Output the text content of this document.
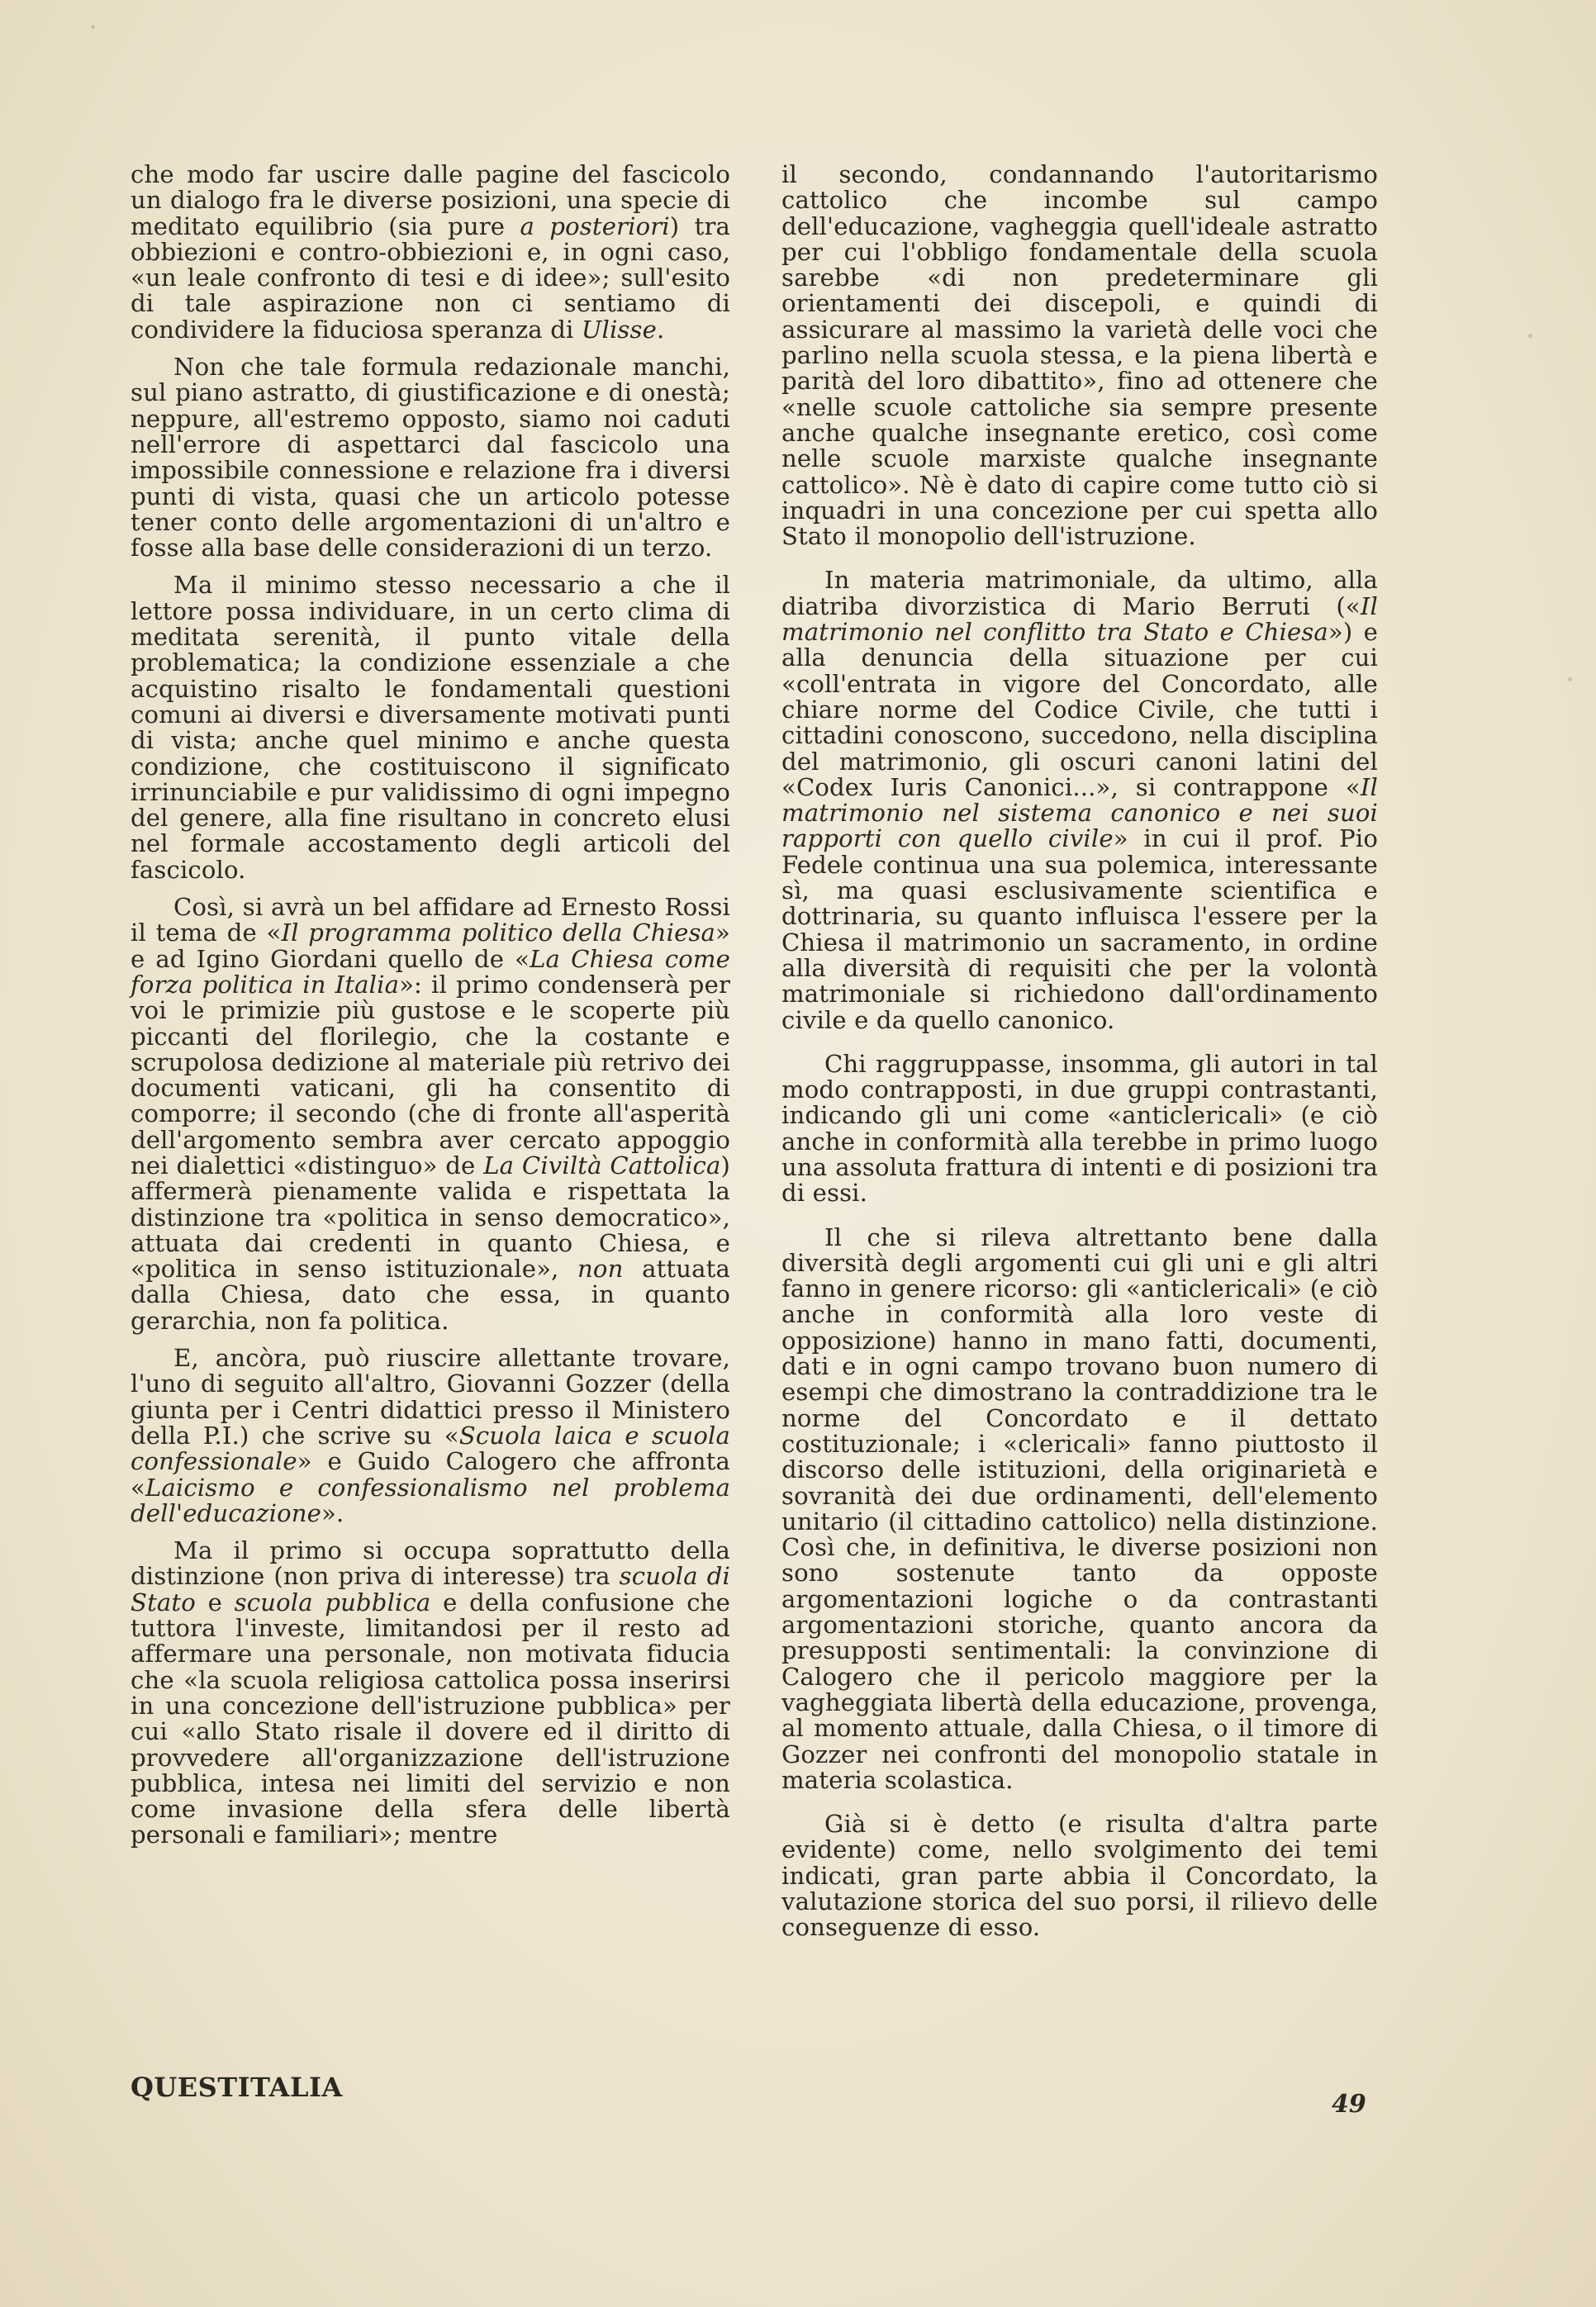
che modo far uscire dalle pagine del fascicolo un dialogo fra le diverse posizioni, una specie di meditato equilibrio (sia pure a posteriori) tra obbiezioni e contro-obbiezioni e, in ogni caso, «un leale confronto di tesi e di idee»; sull'esito di tale aspirazione non ci sentiamo di condividere la fiduciosa speranza di Ulisse.

Non che tale formula redazionale manchi, sul piano astratto, di giustificazione e di onestà; neppure, all'estremo opposto, siamo noi caduti nell'errore di aspettarci dal fascicolo una impossibile connessione e relazione fra i diversi punti di vista, quasi che un articolo potesse tener conto delle argomentazioni di un'altro e fosse alla base delle considerazioni di un terzo.

Ma il minimo stesso necessario a che il lettore possa individuare, in un certo clima di meditata serenità, il punto vitale della problematica; la condizione essenziale a che acquistino risalto le fondamentali questioni comuni ai diversi e diversamente motivati punti di vista; anche quel minimo e anche questa condizione, che costituiscono il significato irrinunciabile e pur validissimo di ogni impegno del genere, alla fine risultano in concreto elusi nel formale accostamento degli articoli del fascicolo.

Così, si avrà un bel affidare ad Ernesto Rossi il tema de «Il programma politico della Chiesa» e ad Igino Giordani quello de «La Chiesa come forza politica in Italia»: il primo condenserà per voi le primizie più gustose e le scoperte più piccanti del florilegio, che la costante e scrupolosa dedizione al materiale più retrivo dei documenti vaticani, gli ha consentito di comporre; il secondo (che di fronte all'asperità dell'argomento sembra aver cercato appoggio nei dialettici «distinguo» de La Civiltà Cattolica) affermerà pienamente valida e rispettata la distinzione tra «politica in senso democratico», attuata dai credenti in quanto Chiesa, e «politica in senso istituzionale», non attuata dalla Chiesa, dato che essa, in quanto gerarchia, non fa politica.

E, ancòra, può riuscire allettante trovare, l'uno di seguito all'altro, Giovanni Gozzer (della giunta per i Centri didattici presso il Ministero della P.I.) che scrive su «Scuola laica e scuola confessionale» e Guido Calogero che affronta «Laicismo e confessionalismo nel problema dell'educazione».

Ma il primo si occupa soprattutto della distinzione (non priva di interesse) tra scuola di Stato e scuola pubblica e della confusione che tuttora l'investe, limitandosi per il resto ad affermare una personale, non motivata fiducia che «la scuola religiosa cattolica possa inserirsi in una concezione dell'istruzione pubblica» per cui «allo Stato risale il dovere ed il diritto di provvedere all'organizzazione dell'istruzione pubblica, intesa nei limiti del servizio e non come invasione della sfera delle libertà personali e familiari»; mentre

il secondo, condannando l'autoritarismo cattolico che incombe sul campo dell'educazione, vagheggia quell'ideale astratto per cui l'obbligo fondamentale della scuola sarebbe «di non predeterminare gli orientamenti dei discepoli, e quindi di assicurare al massimo la varietà delle voci che parlino nella scuola stessa, e la piena libertà e parità del loro dibattito», fino ad ottenere che «nelle scuole cattoliche sia sempre presente anche qualche insegnante eretico, così come nelle scuole marxiste qualche insegnante cattolico». Nè è dato di capire come tutto ciò si inquadri in una concezione per cui spetta allo Stato il monopolio dell'istruzione.

In materia matrimoniale, da ultimo, alla diatriba divorzistica di Mario Berruti («Il matrimonio nel conflitto tra Stato e Chiesa») e alla denuncia della situazione per cui «coll'entrata in vigore del Concordato, alle chiare norme del Codice Civile, che tutti i cittadini conoscono, succedono, nella disciplina del matrimonio, gli oscuri canoni latini del «Codex Iuris Canonici...», si contrappone «Il matrimonio nel sistema canonico e nei suoi rapporti con quello civile» in cui il prof. Pio Fedele continua una sua polemica, interessante sì, ma quasi esclusivamente scientifica e dottrinaria, su quanto influisca l'essere per la Chiesa il matrimonio un sacramento, in ordine alla diversità di requisiti che per la volontà matrimoniale si richiedono dall'ordinamento civile e da quello canonico.

Chi raggruppasse, insomma, gli autori in tal modo contrapposti, in due gruppi contrastanti, indicando gli uni come «anticlericali» (e ciò anche in conformità alla terebbe in primo luogo una assoluta frattura di intenti e di posizioni tra di essi.

Il che si rileva altrettanto bene dalla diversità degli argomenti cui gli uni e gli altri fanno in genere ricorso: gli «anticlericali» (e ciò anche in conformità alla loro veste di opposizione) hanno in mano fatti, documenti, dati e in ogni campo trovano buon numero di esempi che dimostrano la contraddizione tra le norme del Concordato e il dettato costituzionale; i «clericali» fanno piuttosto il discorso delle istituzioni, della originarietà e sovranità dei due ordinamenti, dell'elemento unitario (il cittadino cattolico) nella distinzione. Così che, in definitiva, le diverse posizioni non sono sostenute tanto da opposte argomentazioni logiche o da contrastanti argomentazioni storiche, quanto ancora da presupposti sentimentali: la convinzione di Calogero che il pericolo maggiore per la vagheggiata libertà della educazione, provenga, al momento attuale, dalla Chiesa, o il timore di Gozzer nei confronti del monopolio statale in materia scolastica.

Già si è detto (e risulta d'altra parte evidente) come, nello svolgimento dei temi indicati, gran parte abbia il Concordato, la valutazione storica del suo porsi, il rilievo delle conseguenze di esso.

QUESTITALIA
49
